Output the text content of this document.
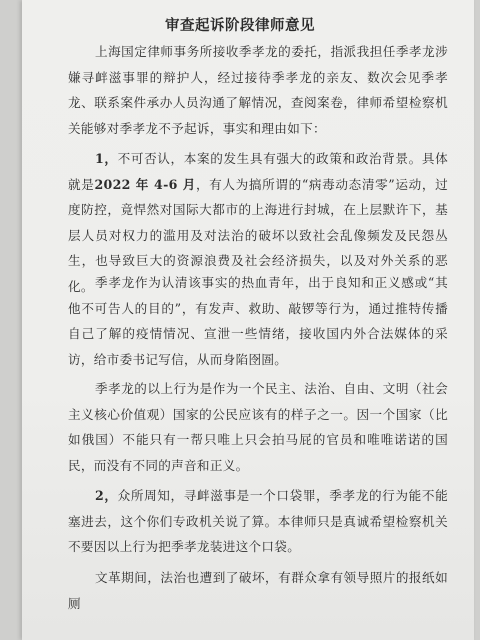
审查起诉阶段律师意见

上海国定律师事务所接收季孝龙的委托，指派我担任季孝龙涉嫌寻衅滋事罪的辩护人，经过接待季孝龙的亲友、数次会见季孝龙、联系案件承办人员沟通了解情况，查阅案卷，律师希望检察机关能够对季孝龙不予起诉，事实和理由如下：

1，不可否认，本案的发生具有强大的政策和政治背景。具体就是2022 年 4-6 月，有人为搞所谓的“病毒动态清零”运动，过度防控，竟悍然对国际大都市的上海进行封城，在上层默许下，基层人员对权力的滥用及对法治的破坏以致社会乱像频发及民怨丛生，也导致巨大的资源浪费及社会经济损失，以及对外关系的恶化。 季孝龙作为认清该事实的热血青年，出于良知和正义感或“其他不可告人的目的”，有发声、救助、敲锣等行为，通过推特传播自己了解的疫情情况、宣泄一些情绪，接收国内外合法媒体的采访，给市委书记写信，从而身陷囹圄。

季孝龙的以上行为是作为一个民主、法治、自由、文明（社会主义核心价值观）国家的公民应该有的样子之一。因一个国家（比如俄国）不能只有一帮只唯上只会拍马屁的官员和唯唯诺诺的国民，而没有不同的声音和正义。

2，众所周知，寻衅滋事是一个口袋罪，季孝龙的行为能不能塞进去，这个你们专政机关说了算。本律师只是真诚希望检察机关不要因以上行为把季孝龙装进这个口袋。

文革期间，法治也遭到了破坏，有群众拿有领导照片的报纸如厕
